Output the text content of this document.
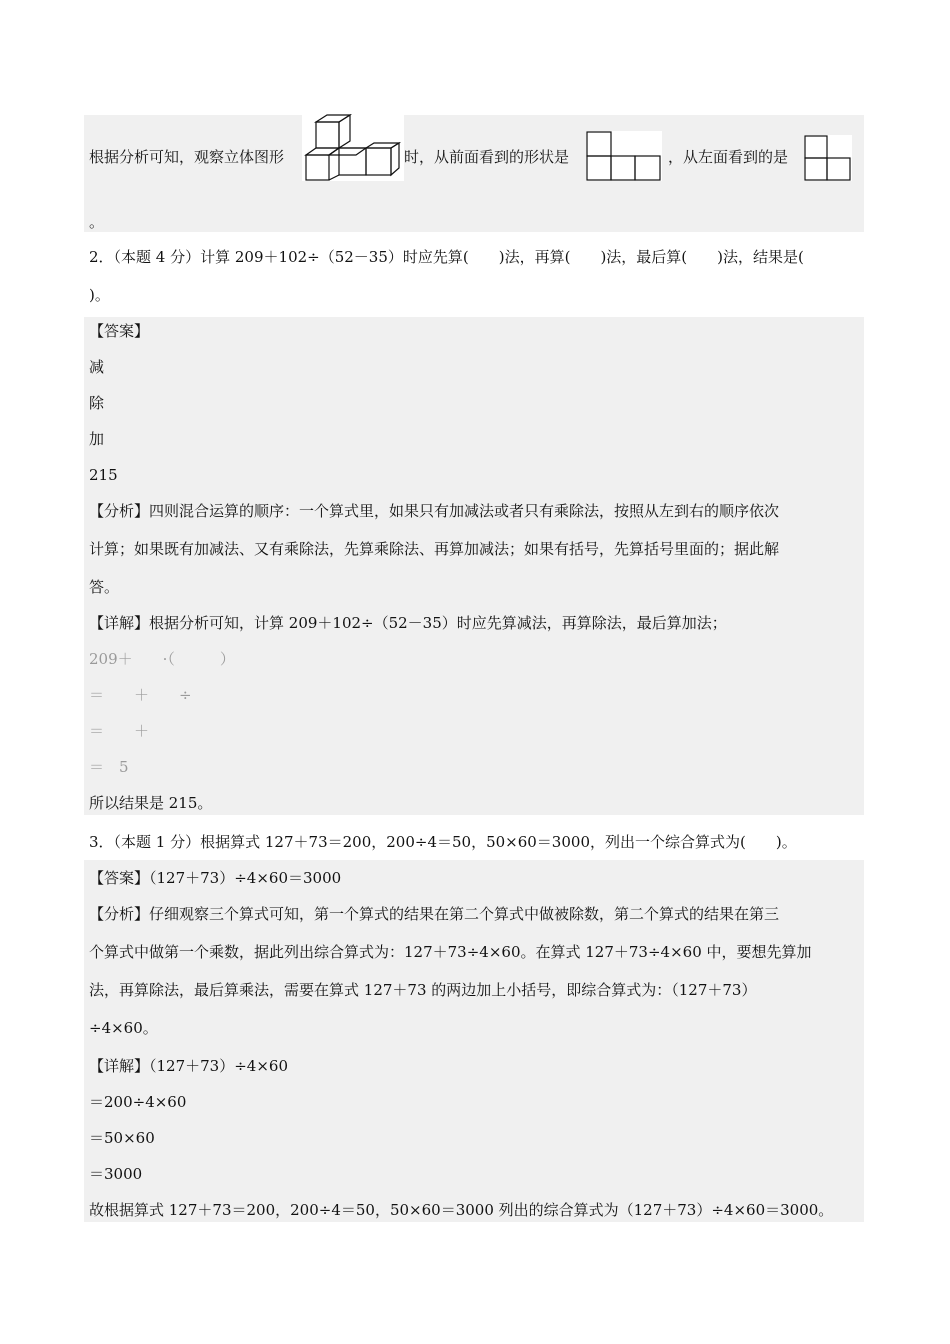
根据分析可知，观察立体图形	时，从前面看到的形状是	，从左面看到的是
。
2．（本题 4 分）计算 209＋102÷（52－35）时应先算(　　)法，再算(　　)法，最后算(　　)法，结果是(
)。
【答案】
减
除
加
215
【分析】四则混合运算的顺序：一个算式里，如果只有加减法或者只有乘除法，按照从左到右的顺序依次
计算；如果既有加减法、又有乘除法，先算乘除法、再算加减法；如果有括号，先算括号里面的；据此解
答。
【详解】根据分析可知，计算 209＋102÷（52－35）时应先算减法，再算除法，最后算加法；
209＋　　·（　　　）
＝　　＋　　÷
＝　　＋
＝　5
所以结果是 215。
3．（本题 1 分）根据算式 127＋73＝200，200÷4＝50，50×60＝3000，列出一个综合算式为(　　)。
【答案】（127＋73）÷4×60＝3000
【分析】仔细观察三个算式可知，第一个算式的结果在第二个算式中做被除数，第二个算式的结果在第三
个算式中做第一个乘数，据此列出综合算式为：127＋73÷4×60。在算式 127＋73÷4×60 中，要想先算加
法，再算除法，最后算乘法，需要在算式 127＋73 的两边加上小括号，即综合算式为：（127＋73）
÷4×60。
【详解】（127＋73）÷4×60
＝200÷4×60
＝50×60
＝3000
故根据算式 127＋73＝200，200÷4＝50，50×60＝3000 列出的综合算式为（127＋73）÷4×60＝3000。
